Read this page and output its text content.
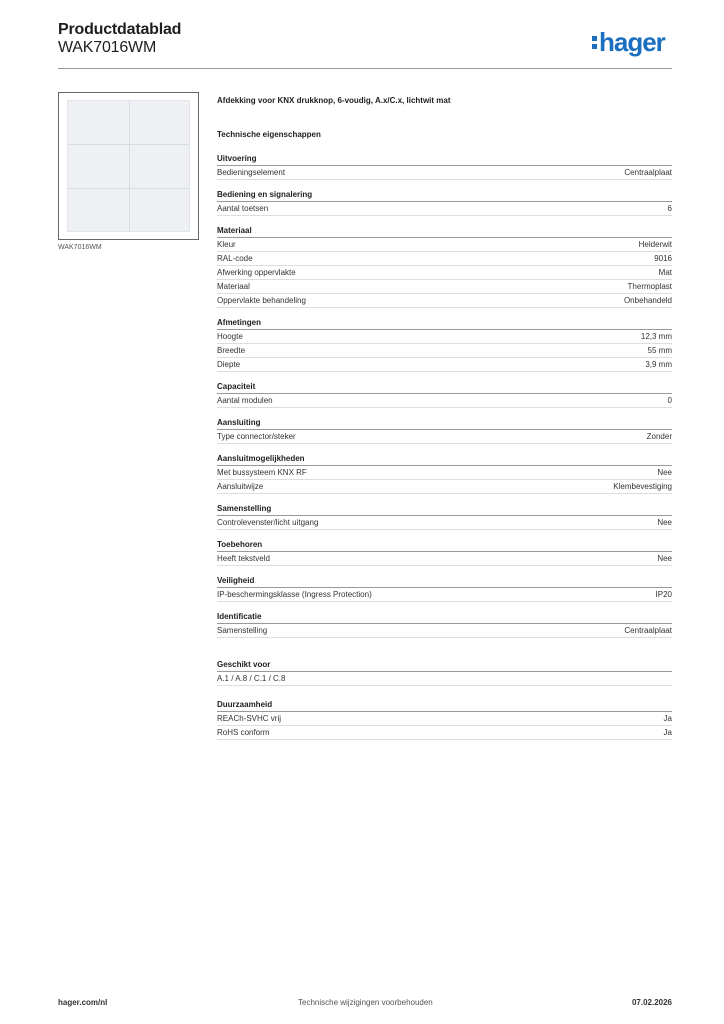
Productdatablad
WAK7016WM	hager
WAK7016WM
Afdekking voor KNX drukknop, 6-voudig, A.x/C.x, lichtwit mat
Technische eigenschappen
Uitvoering
Bedieningselement	Centraalplaat
Bediening en signalering
Aantal toetsen	6
Materiaal
Kleur	Helderwit
RAL-code	9016
Afwerking oppervlakte	Mat
Materiaal	Thermoplast
Oppervlakte behandeling	Onbehandeld
Afmetingen
Hoogte	12,3 mm
Breedte	55 mm
Diepte	3,9 mm
Capaciteit
Aantal modulen	0
Aansluiting
Type connector/steker	Zonder
Aansluitmogelijkheden
Met bussysteem KNX RF	Nee
Aansluitwijze	Klembevestiging
Samenstelling
Controlevenster/licht uitgang	Nee
Toebehoren
Heeft tekstveld	Nee
Veiligheid
IP-beschermingsklasse (Ingress Protection)	IP20
Identificatie
Samenstelling	Centraalplaat
Geschikt voor
A.1 / A.8 / C.1 / C.8
Duurzaamheid
REACh-SVHC vrij	Ja
RoHS conform	Ja
hager.com/nl	Technische wijzigingen voorbehouden	07.02.2026
